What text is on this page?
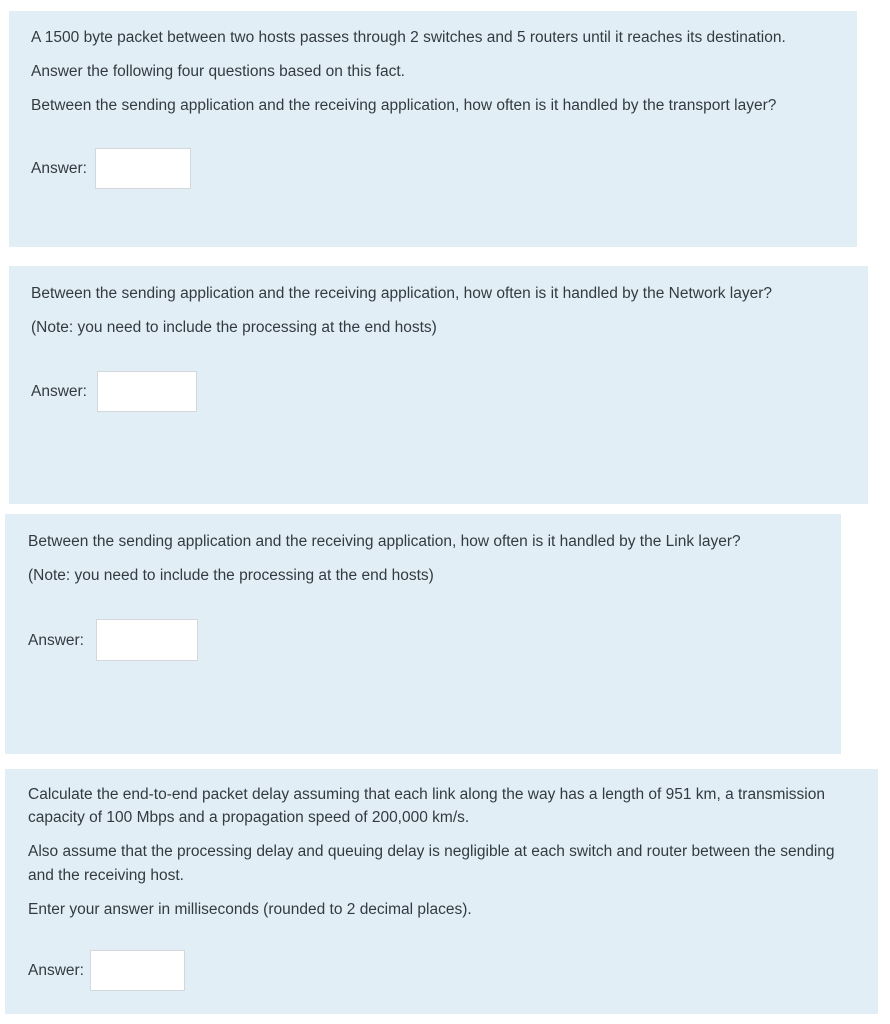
A 1500 byte packet between two hosts passes through 2 switches and 5 routers until it reaches its destination.

Answer the following four questions based on this fact.

Between the sending application and the receiving application, how often is it handled by the transport layer?

Answer:

Between the sending application and the receiving application, how often is it handled by the Network layer?

(Note: you need to include the processing at the end hosts)

Answer:

Between the sending application and the receiving application, how often is it handled by the Link layer?

(Note: you need to include the processing at the end hosts)

Answer:

Calculate the end-to-end packet delay assuming that each link along the way has a length of 951 km, a transmission

capacity of 100 Mbps and a propagation speed of 200,000 km/s.

Also assume that the processing delay and queuing delay is negligible at each switch and router between the sending

and the receiving host.

Enter your answer in milliseconds (rounded to 2 decimal places).

Answer:
